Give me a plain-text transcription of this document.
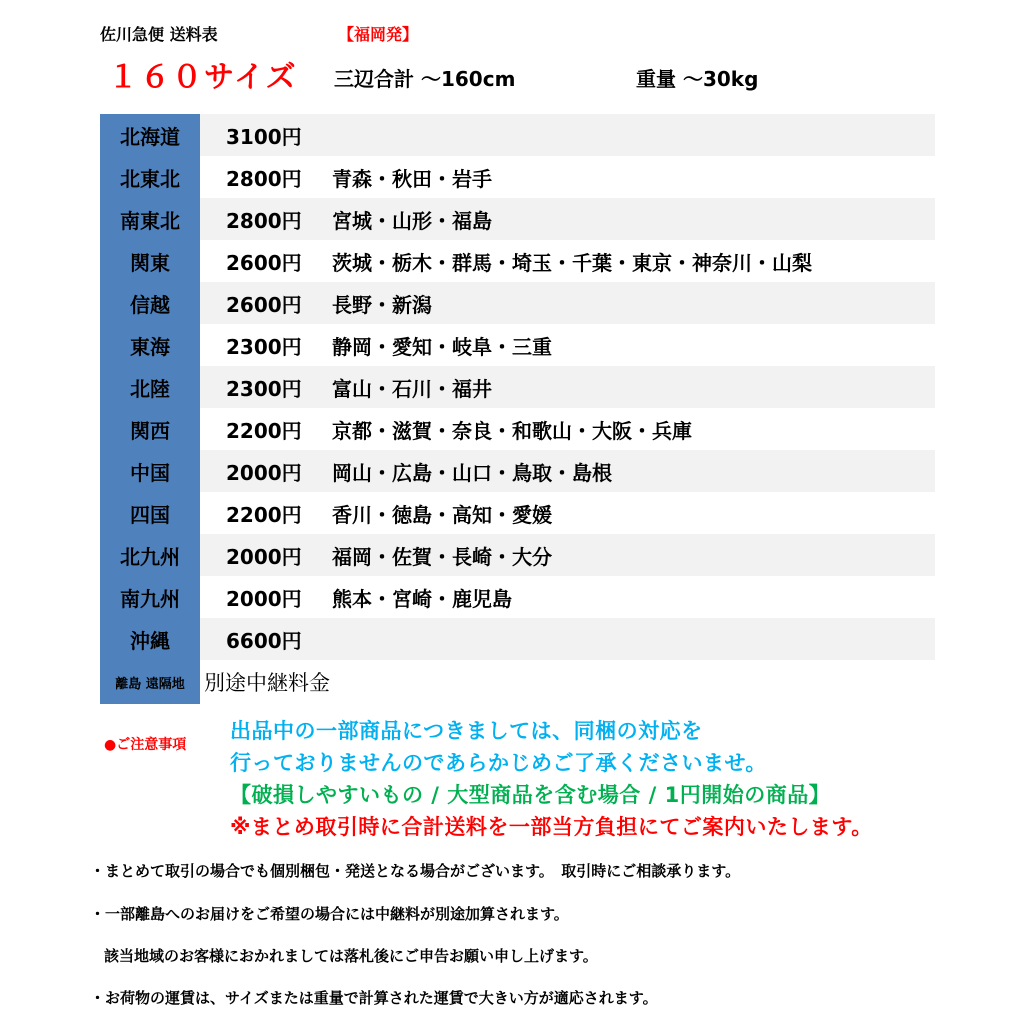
佐川急便 送料表	【福岡発】
１６０サイズ 三辺合計 ～160cm	重量 ～30kg
北海道	3100円
北東北	2800円	青森・秋田・岩手
南東北	2800円	宮城・山形・福島
関東	2600円	茨城・栃木・群馬・埼玉・千葉・東京・神奈川・山梨
信越	2600円	長野・新潟
東海	2300円	静岡・愛知・岐阜・三重
北陸	2300円	富山・石川・福井
関西	2200円	京都・滋賀・奈良・和歌山・大阪・兵庫
中国	2000円	岡山・広島・山口・鳥取・島根
四国	2200円	香川・徳島・高知・愛媛
北九州	2000円	福岡・佐賀・長崎・大分
南九州	2000円	熊本・宮崎・鹿児島
沖縄	6600円
離島 遠隔地 別途中継料金
●ご注意事項
出品中の一部商品につきましては、同梱の対応を
行っておりませんのであらかじめご了承くださいませ。
【破損しやすいもの / 大型商品を含む場合 / 1円開始の商品】
※まとめ取引時に合計送料を一部当方負担にてご案内いたします。
・まとめて取引の場合でも個別梱包・発送となる場合がございます。　取引時にご相談承ります。
・一部離島へのお届けをご希望の場合には中継料が別途加算されます。
該当地域のお客様におかれましては落札後にご申告お願い申し上げます。
・お荷物の運賃は、サイズまたは重量で計算された運賃で大きい方が適応されます。
